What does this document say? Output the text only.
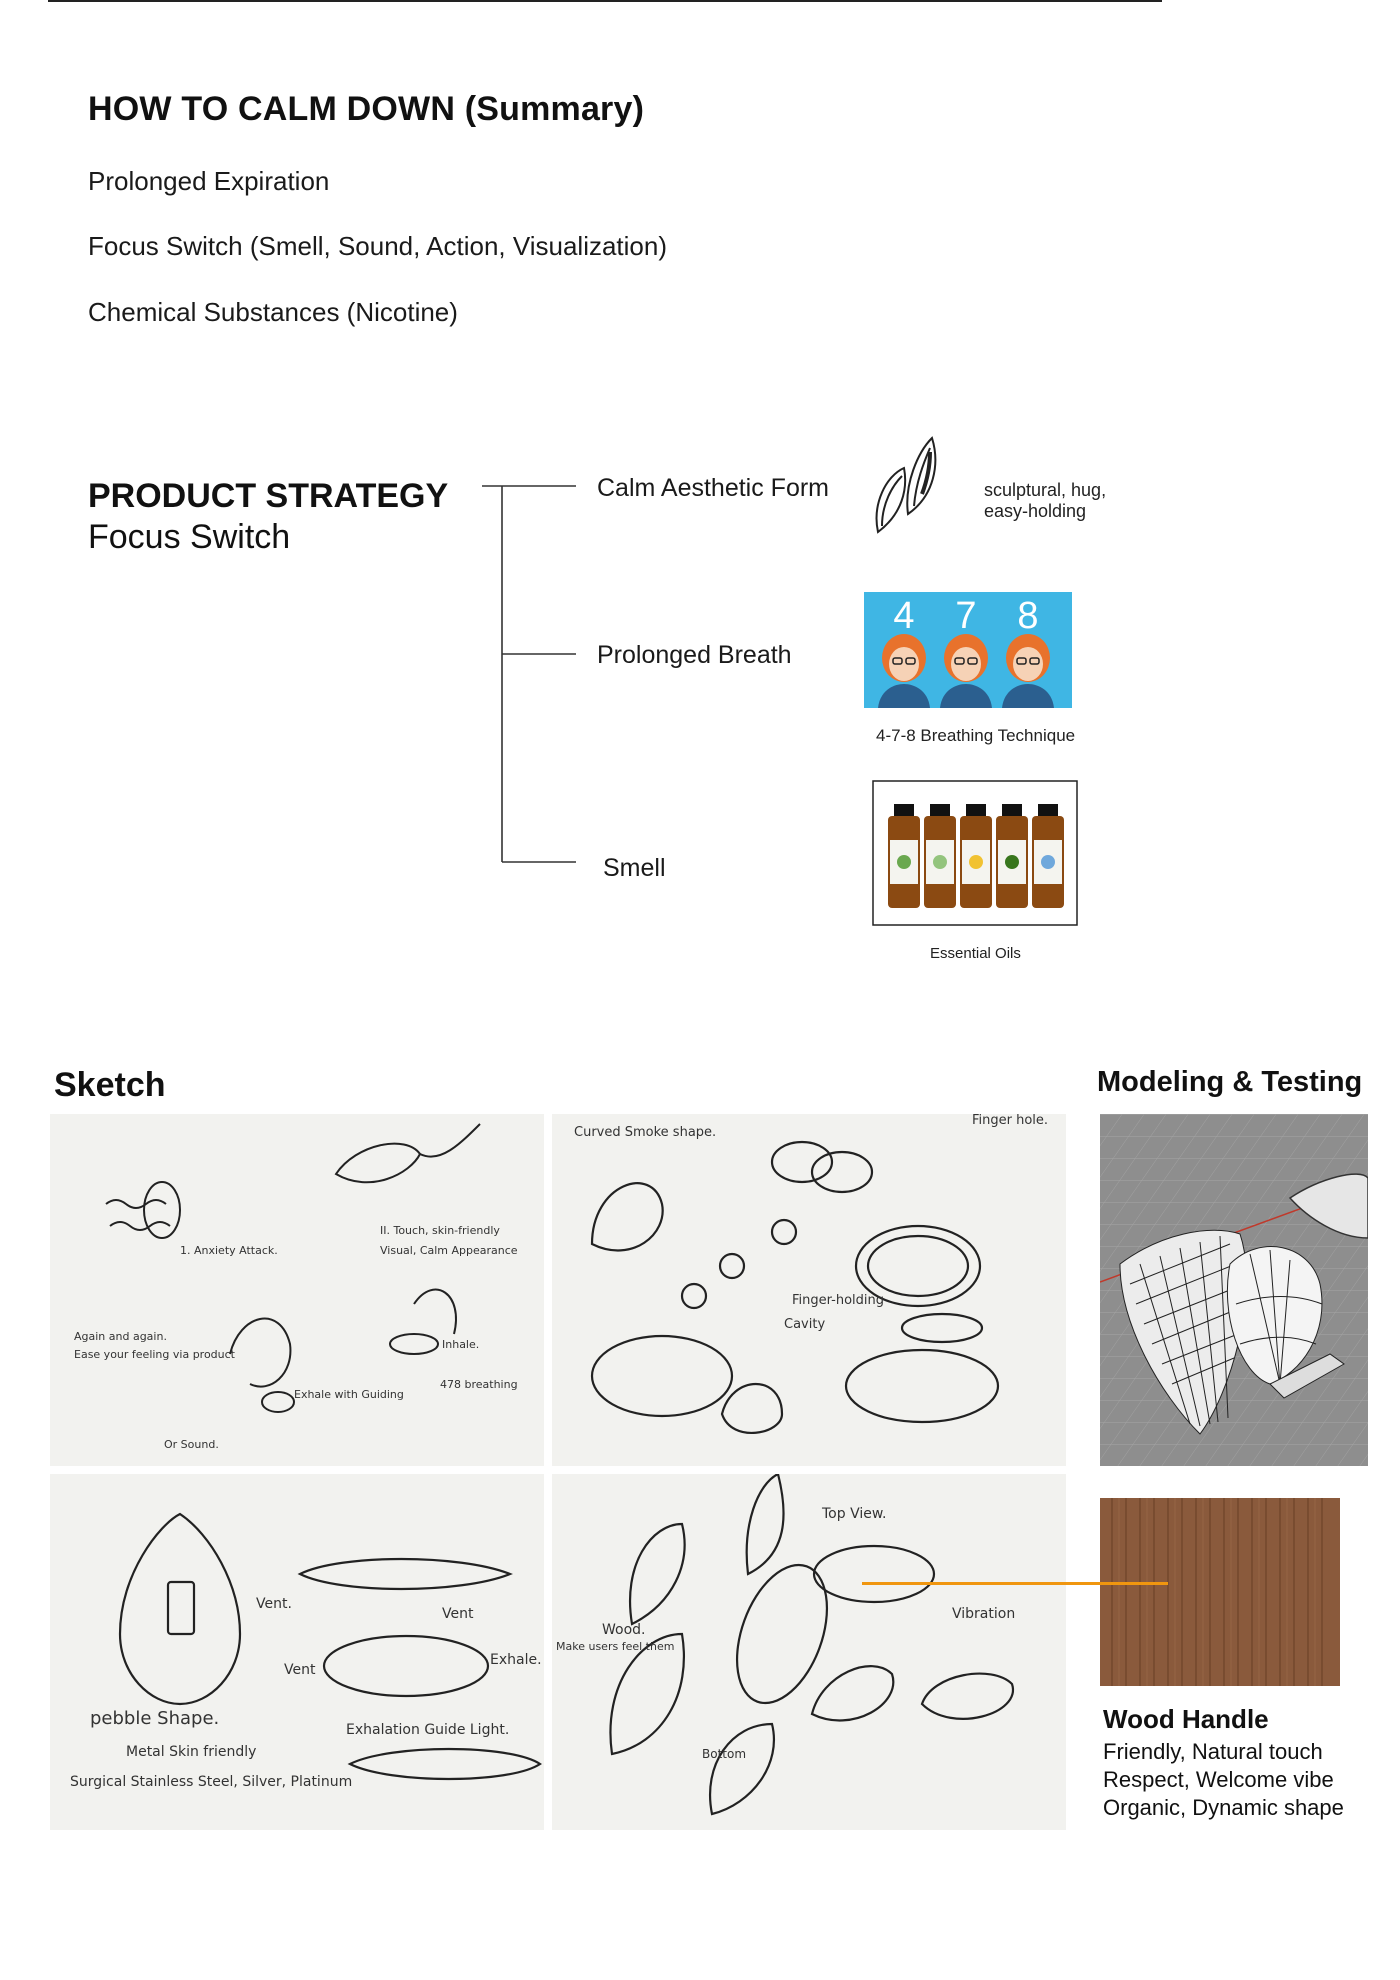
HOW TO CALM DOWN (Summary)
Prolonged Expiration
Focus Switch (Smell, Sound, Action, Visualization)
Chemical Substances (Nicotine)
PRODUCT STRATEGY
Focus Switch
Calm Aesthetic Form
Prolonged Breath
Smell
sculptural, hug,
easy-holding
4 7 8
4-7-8 Breathing Technique
Essential Oils
Sketch	Modeling & Testing
1. Anxiety Attack.
II. Touch, skin-friendly
Visual, Calm Appearance
Again and again.
Ease your feeling via product
Exhale with Guiding
478 breathing
Inhale.
Or Sound.
Curved Smoke shape.
Finger hole.
Finger-holding
Cavity
Vent.
Vent
Vent
Exhale.
Exhalation Guide Light.
pebble Shape.
Metal Skin friendly
Surgical Stainless Steel, Silver, Platinum
Top View.
Vibration
Wood.
Make users feel them
Bottom
Wood Handle
Friendly, Natural touch
Respect, Welcome vibe
Organic, Dynamic shape
